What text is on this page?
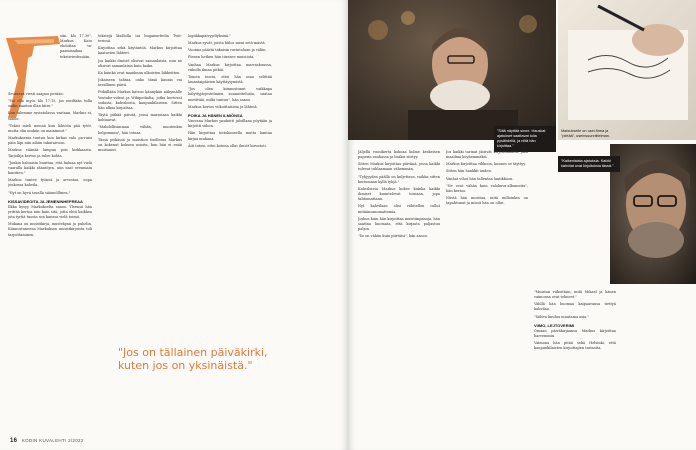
sim. klo 17.30", Markus Kato ehdottaa ta-paamisaikaa tekstiviestissään.

Seuraava viesti saapuu perään:

"Voi olla myös klo 17.15, jos meiltään tulla sadin mauton illan kitre."

Kun tulemme ravintolassa vastaan, Markus ei, sanoo:

"Tekisi mieli mennä kun lähtöön pää tytöt, mutta olin mukiin on maininnut."

Markuksenia tuntuu kun kirkas valo pu-ruisi päin läpi niin aihiin takaraivoon.

Markus väänää lampun pois kirkkaasta. Tarjoilija kertoo ja tulee kohta.

"Jonkin haluaisin huuttaa, että haluaa nyt vielä vaaralla kaikki sääntöjen, niin saat ovenmain kanttien."

Markus tuntee työnsä ja arvostaa, onpa joukossa kahvila.

"Nyt on hyvä tavalla säännöllinen."

KISSAVIDEOITA JA JEMENINHEPREAA

Ilkka kysyy Markukselta sanoo. Yleensä hän yrittää kertoa niin kuin sitä, jotta ehtii kaikkea jota tyrtiä tuosta sen kanssa vielä toimii.

Mukana on muistikirja, mustekynä ja puhelin. Kiinnostuneena Markuksen muistikirjoista tuli tarjoittaminen.

tekstejä läsillolla tai hugaimettelia Twit-terissä.

Kirjoittaa sekä käytäntöä. Markus kirjoittaa kaatuvien lähteet.

Jos kaikki ilmiset olisivat samanlaisia, niin ne olisivat samanlaisia kuin kaiku.

Ka kuinka ovat maailman ulkoisten liikkeitten.

Jokaiseen tahtaa, onko tämä kaunis vai tavallinen päivä.

Pitkällään Markus katsoo kännykän näkymälle Youtube-videot ja Wikipedialta, jotka kertovat sodasta, kahviloista, kaupunkilaisten. Sitten hän alkaa kirjoittaa.

Täytä pitkää päivää, jossa marssiaan kaikki kohtaavat.

"Mahdollisimman vähän, muutenkin helpommin", hän toteaa.

Tässä pitkässä ja muistion tisellessa Markus on kokenut kolmen asioita, kun hän ei enää muistanut.

logiikkapäivyydiyksinä."

Markus syvät, joista hiilos meni setä-mästä.

Vuonna päästä takaisin ravintolaan ja väliin.

Pienen hetken hän tiirasee muistiota.

Vanhaa Markus kirjoittaa marraskuussa, viikolla ilman pitkiä.

Toinen teoria, ettei hän osaa selittää lauantaipäivien käyttäytymistä.

"Jos olen kiinnostunut vaikkapa hälyttyjärjestelmien suunnittelusta, saatan mietittää, miltä tuntuu", hän sanoo.

Markus kertoo viikoittaisista ja lähteiä.

POIKA JA HÄNEN ILMIÖNSA

Vauvana Markus paukutti jaloillaan pöytään ja kirjoitti siihen.

Hän kirjoittaa tietokoneella mutta kantaa kirjaa mukana.

Äiti totesi, ettei kotona ollut ilmiöt hirveästi.

"Jos on tällainen päiväkirki, kuten jos on yksinäistä."
16 KODIN KUVALEHTI 2/2022
"Siitä näyttää sinne. Hauskat ajatukset saattavat tulla pysähdellä, ja niitä hän kirjoittaa."
Markukselle on usei-firma ja "piirtää", useinsuunnittelman.
"Kaikenlaisia ajatuksia. Kaikki kahvilat ovat kirjoituksia tässä."

Jäljellä vuosikerta kokoaa kolme keskeisen paperin rauhassa ja lisäksi siirtyy.

Sitten Markus kirjoittaa päivänä, jossa kaikki tulevat tuhlaamaan vähemmän.

"Tyhjyyden päällä on kuljettava, vaikka sitten kertomaan kyllä tyhjä."

Kahviloissa Markus kokee kuinka kaikki ihmiset kuuntelevat toisiaan, jopa tahtomattaan.

Nyt kahvilaan olisi vähitellen tullut mitäänsanomattomia.

Joskus kuin hän kirjoittaa muistiinpanoja, hän saattaa huomata, että kirjasta paljastuu paljon.

"Se on vähän kuin piirtäisi", hän sanoo.

Jos kaikki tarinat jäisivät kirjoittamatta, jäisi maailma köyhemmäksi.

Markus kirjoittaa vihkoon, kunnes se täyttyy.

Sitten hän hankkii uuden.

Vanhat vihot hän tallentaa laatikkoon.

"Ne ovat vähän kuin valokuva-albumeita", hän kertoo.

Niistä hän muistaa, mitä milloinkin on tapahtunut ja missä hän on ollut.

"Muistan viikoittain, mitä Mikael ja hänen vaimonsa ovat tehneet."

Välillä hän huomaa kaipaavansa tiettyä kahvilaa.

"Siihen kuuluu muutama asia."

VIIMO, LEJTOVERIMI

Omaan päiväkirjaansa Markus kirjoittaa harvemmin.

Vaimona hän pitää sekä Helsinki, että kaupunkilaisten kirjoittajien tarinoita.
